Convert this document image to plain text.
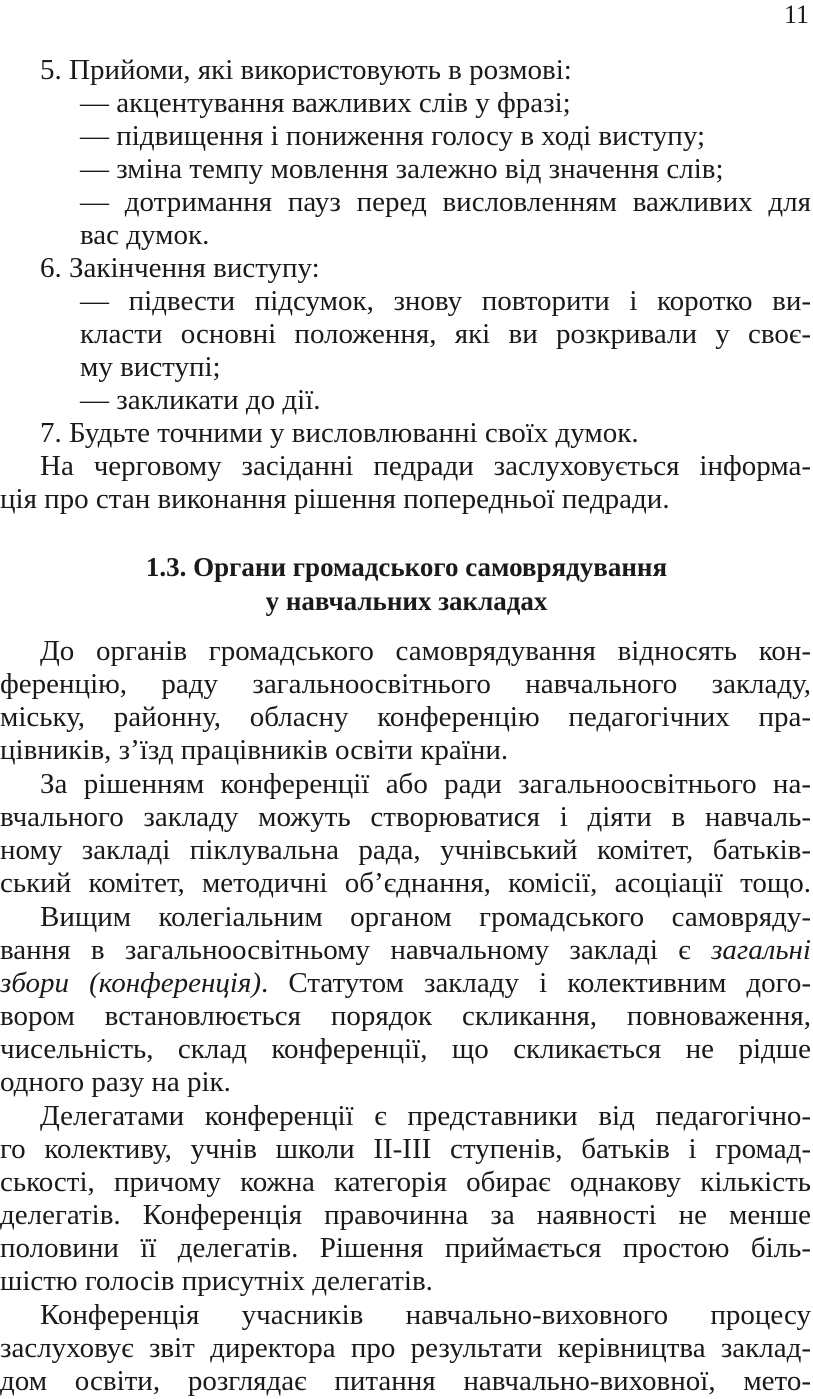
11
5. Прийоми, які використовують в розмові:
— акцентування важливих слів у фразі;
— підвищення і пониження голосу в ході виступу;
— зміна темпу мовлення залежно від значення слів;
— дотримання пауз перед висловленням важливих для
вас думок.
6. Закінчення виступу:
— підвести підсумок, знову повторити і коротко ви-
класти основні положення, які ви розкривали у своє-
му виступі;
— закликати до дії.
7. Будьте точними у висловлюванні своїх думок.
На черговому засіданні педради заслуховується інформа-
ція про стан виконання рішення попередньої педради.
1.3. Органи громадського самоврядування
у навчальних закладах
До органів громадського самоврядування відносять кон-
ференцію, раду загальноосвітнього навчального закладу,
міську, районну, обласну конференцію педагогічних пра-
цівників, з’їзд працівників освіти країни.
За рішенням конференції або ради загальноосвітнього на-
вчального закладу можуть створюватися і діяти в навчаль-
ному закладі піклувальна рада, учнівський комітет, батьків-
ський комітет, методичні об’єднання, комісії, асоціації тощо.
Вищим колегіальним органом громадського самовряду-
вання в загальноосвітньому навчальному закладі є загальні
збори (конференція). Статутом закладу і колективним дого-
вором встановлюється порядок скликання, повноваження,
чисельність, склад конференції, що скликається не рідше
одного разу на рік.
Делегатами конференції є представники від педагогічно-
го колективу, учнів школи II-III ступенів, батьків і громад-
ськості, причому кожна категорія обирає однакову кількість
делегатів. Конференція правочинна за наявності не менше
половини її делегатів. Рішення приймається простою біль-
шістю голосів присутніх делегатів.
Конференція учасників навчально-виховного процесу
заслуховує звіт директора про результати керівництва заклад-
дом освіти, розглядає питання навчально-виховної, мето-
